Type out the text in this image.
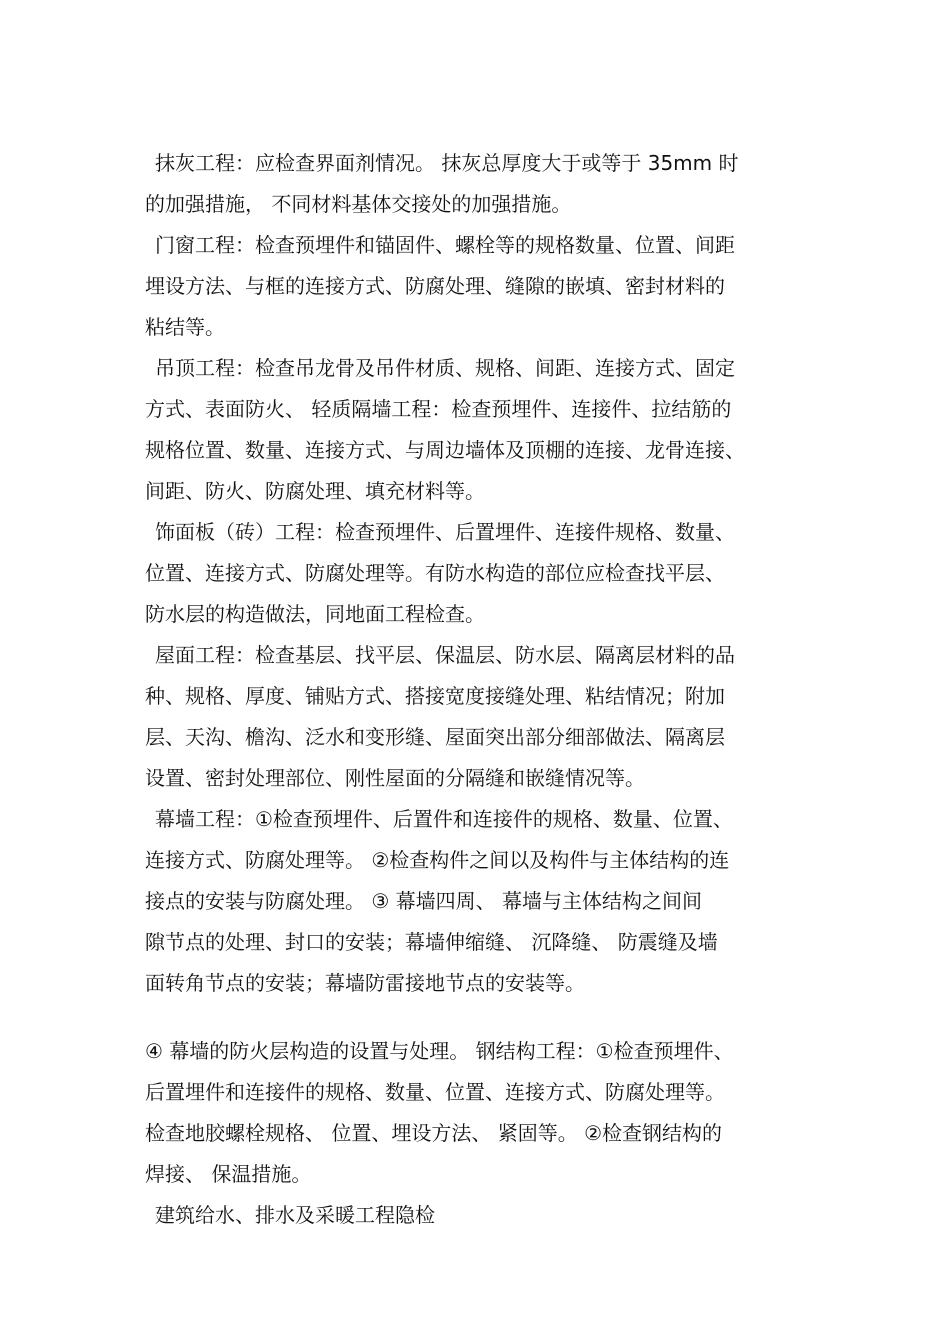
抹灰工程：应检查界面剂情况。 抹灰总厚度大于或等于 35mm 时
的加强措施， 不同材料基体交接处的加强措施。
门窗工程：检查预埋件和锚固件、螺栓等的规格数量、位置、间距
埋设方法、与框的连接方式、防腐处理、缝隙的嵌填、密封材料的
粘结等。
吊顶工程：检查吊龙骨及吊件材质、规格、间距、连接方式、固定
方式、表面防火、 轻质隔墙工程：检查预埋件、连接件、拉结筋的
规格位置、数量、连接方式、与周边墙体及顶棚的连接、龙骨连接、
间距、防火、防腐处理、填充材料等。
饰面板（砖）工程：检查预埋件、后置埋件、连接件规格、数量、
位置、连接方式、防腐处理等。有防水构造的部位应检查找平层、
防水层的构造做法，同地面工程检查。
屋面工程：检查基层、找平层、保温层、防水层、隔离层材料的品
种、规格、厚度、铺贴方式、搭接宽度接缝处理、粘结情况；附加
层、天沟、檐沟、泛水和变形缝、屋面突出部分细部做法、隔离层
设置、密封处理部位、刚性屋面的分隔缝和嵌缝情况等。
幕墙工程：①检查预埋件、后置件和连接件的规格、数量、位置、
连接方式、防腐处理等。 ②检查构件之间以及构件与主体结构的连
接点的安装与防腐处理。 ③ 幕墙四周、 幕墙与主体结构之间间
隙节点的处理、封口的安装；幕墙伸缩缝、 沉降缝、 防震缝及墙
面转角节点的安装；幕墙防雷接地节点的安装等。
④ 幕墙的防火层构造的设置与处理。 钢结构工程：①检查预埋件、
后置埋件和连接件的规格、数量、位置、连接方式、防腐处理等。
检查地胶螺栓规格、 位置、埋设方法、 紧固等。 ②检查钢结构的
焊接、 保温措施。
建筑给水、排水及采暖工程隐检
